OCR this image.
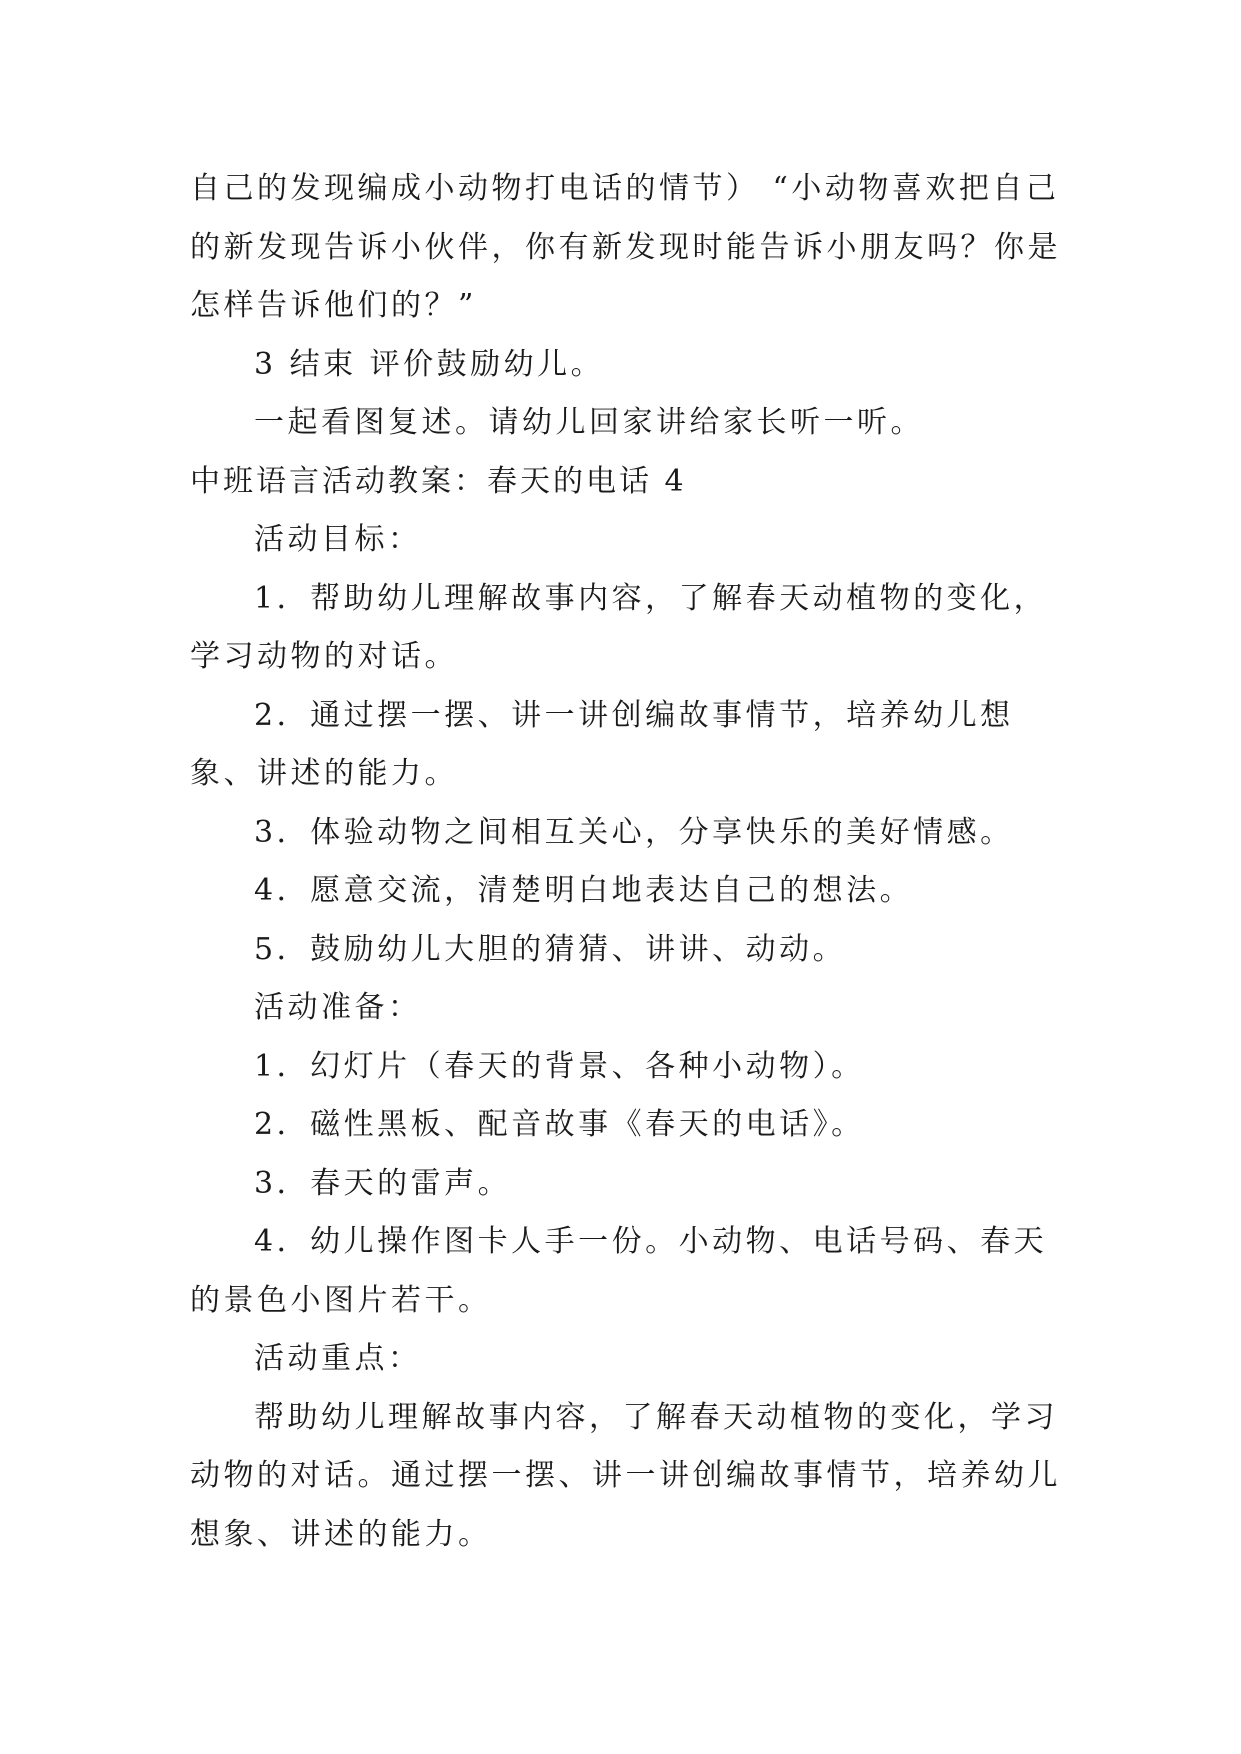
自己的发现编成小动物打电话的情节） “小动物喜欢把自己的新发现告诉小伙伴，你有新发现时能告诉小朋友吗？你是怎样告诉他们的？”

3 结束 评价鼓励幼儿。

一起看图复述。请幼儿回家讲给家长听一听。

中班语言活动教案：春天的电话 4

活动目标：

1．帮助幼儿理解故事内容，了解春天动植物的变化，学习动物的对话。

2．通过摆一摆、讲一讲创编故事情节，培养幼儿想象、讲述的能力。

3．体验动物之间相互关心，分享快乐的美好情感。

4．愿意交流，清楚明白地表达自己的想法。

5．鼓励幼儿大胆的猜猜、讲讲、动动。

活动准备：

1．幻灯片（春天的背景、各种小动物）。

2．磁性黑板、配音故事《春天的电话》。

3．春天的雷声。

4．幼儿操作图卡人手一份。小动物、电话号码、春天的景色小图片若干。

活动重点：

帮助幼儿理解故事内容，了解春天动植物的变化，学习动物的对话。通过摆一摆、讲一讲创编故事情节，培养幼儿想象、讲述的能力。
